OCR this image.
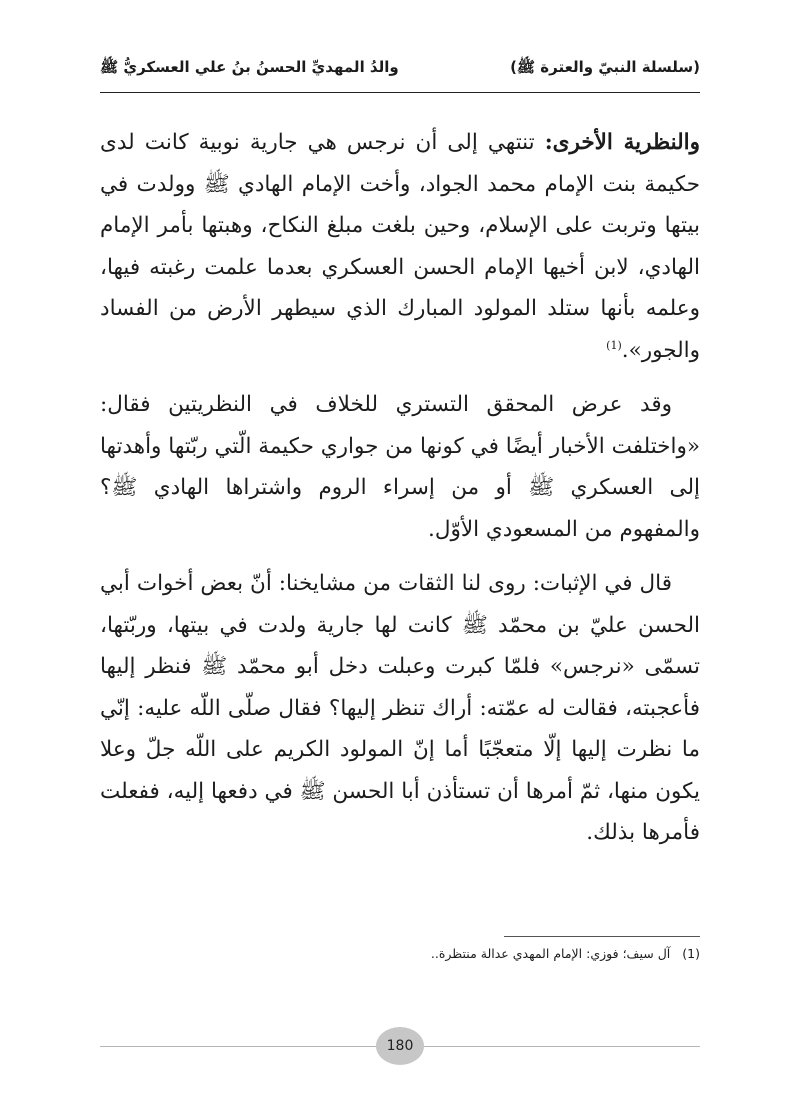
(سلسلة النبيّ والعترة ﷺ)
والدُ المهديِّ الحسنُ بنُ علي العسكريُّ ﷺ

والنظرية الأخرى: تنتهي إلى أن نرجس هي جارية نوبية كانت لدى حكيمة بنت الإمام محمد الجواد، وأخت الإمام الهادي ﷺ وولدت في بيتها وتربت على الإسلام، وحين بلغت مبلغ النكاح، وهبتها بأمر الإمام الهادي، لابن أخيها الإمام الحسن العسكري بعدما علمت رغبته فيها، وعلمه بأنها ستلد المولود المبارك الذي سيطهر الأرض من الفساد والجور».$^{(1)}$

وقد عرض المحقق التستري للخلاف في النظريتين فقال: «واختلفت الأخبار أيضًا في كونها من جواري حكيمة الّتي ربّتها وأهدتها إلى العسكري ﷺ أو من إسراء الروم واشتراها الهادي ﷺ؟ والمفهوم من المسعودي الأوّل.

قال في الإثبات: روى لنا الثقات من مشايخنا: أنّ بعض أخوات أبي الحسن عليّ بن محمّد ﷺ كانت لها جارية ولدت في بيتها، وربّتها، تسمّى «نرجس» فلمّا كبرت وعبلت دخل أبو محمّد ﷺ فنظر إليها فأعجبته، فقالت له عمّته: أراك تنظر إليها؟ فقال صلّى اللّه عليه: إنّي ما نظرت إليها إلّا متعجّبًا أما إنّ المولود الكريم على اللّه جلّ وعلا يكون منها، ثمّ أمرها أن تستأذن أبا الحسن ﷺ في دفعها إليه، ففعلت فأمرها بذلك.

(1)آل سيف؛ فوزي: الإمام المهدي عدالة منتظرة..
180
